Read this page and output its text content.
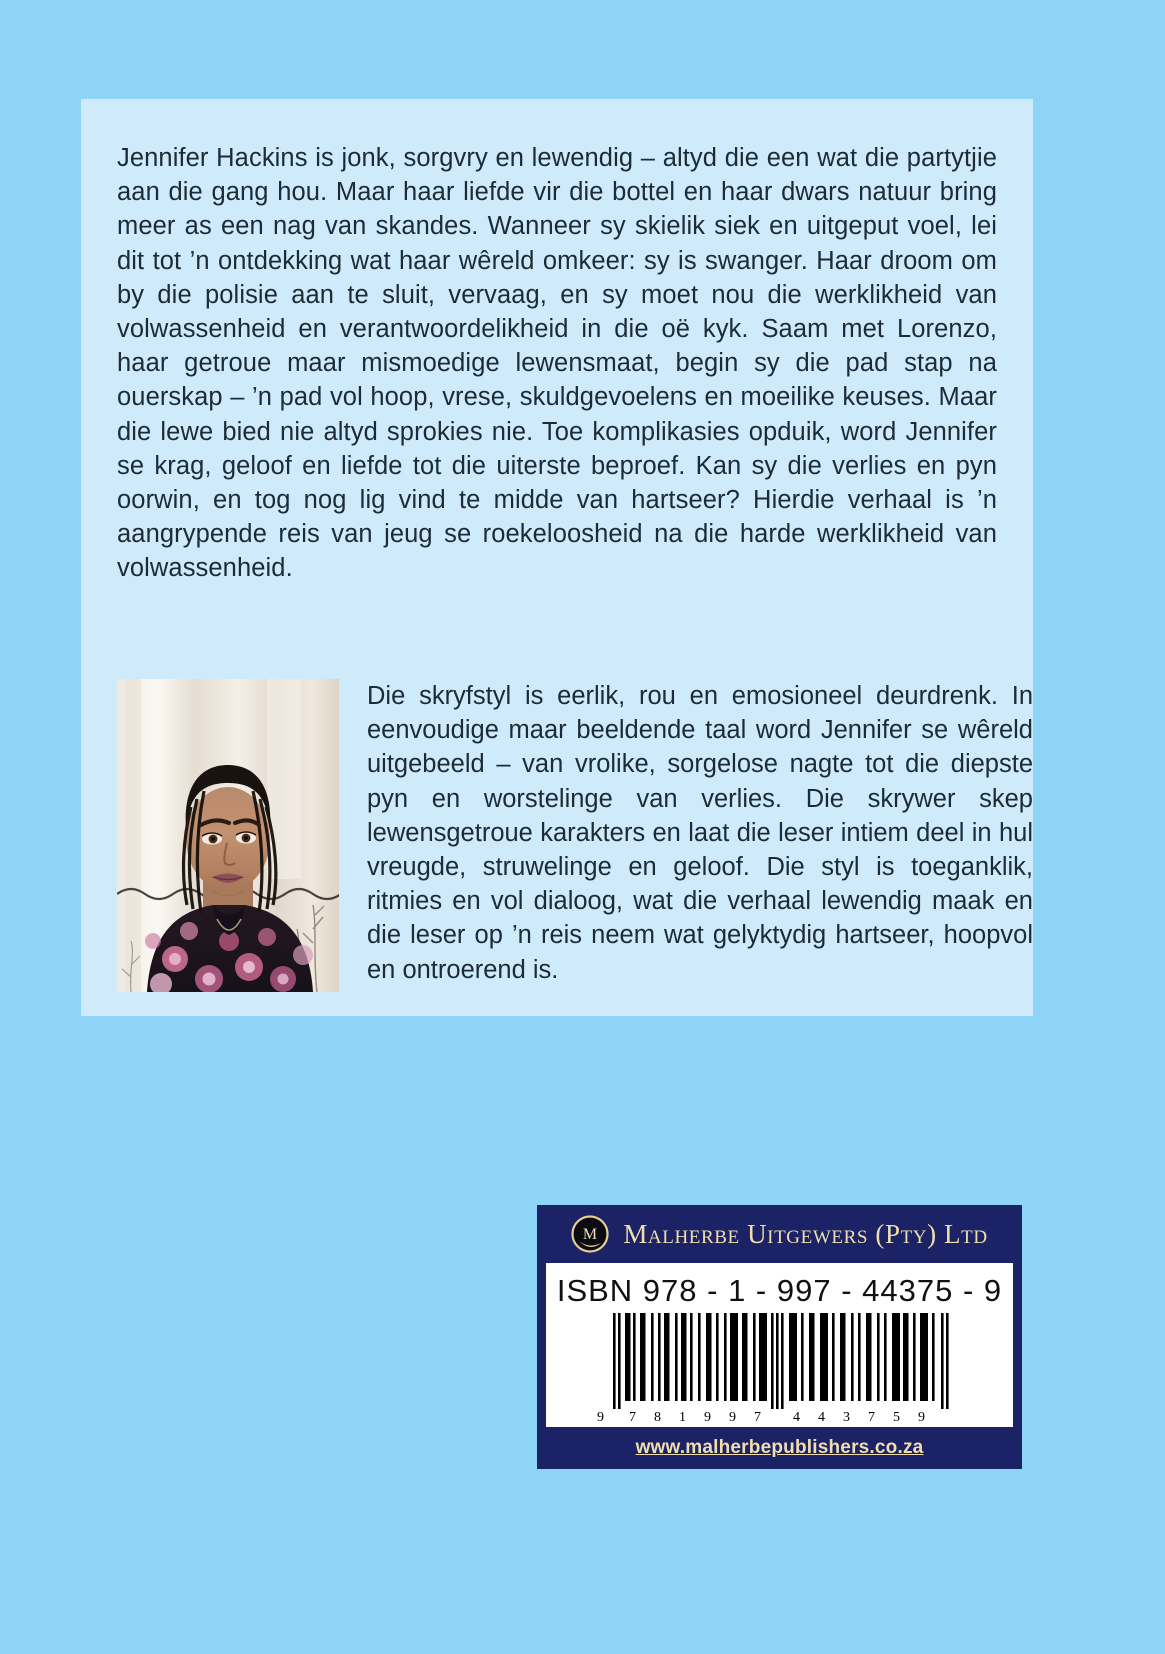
Jennifer Hackins is jonk, sorgvry en lewendig – altyd die een wat die partytjie aan die gang hou. Maar haar liefde vir die bottel en haar dwars natuur bring meer as een nag van skandes. Wanneer sy skielik siek en uitgeput voel, lei dit tot ’n ontdekking wat haar wêreld omkeer: sy is swanger. Haar droom om by die polisie aan te sluit, vervaag, en sy moet nou die werklikheid van volwassenheid en verantwoordelikheid in die oë kyk. Saam met Lorenzo, haar getroue maar mismoedige lewensmaat, begin sy die pad stap na ouerskap – ’n pad vol hoop, vrese, skuldgevoelens en moeilike keuses. Maar die lewe bied nie altyd sprokies nie. Toe komplikasies opduik, word Jennifer se krag, geloof en liefde tot die uiterste beproef. Kan sy die verlies en pyn oorwin, en tog nog lig vind te midde van hartseer? Hierdie verhaal is ’n aangrypende reis van jeug se roekeloosheid na die harde werklikheid van volwassenheid.

Die skryfstyl is eerlik, rou en emosioneel deurdrenk. In eenvoudige maar beeldende taal word Jennifer se wêreld uitgebeeld – van vrolike, sorgelose nagte tot die diepste pyn en worstelinge van verlies. Die skrywer skep lewensgetroue karakters en laat die leser intiem deel in hul vreugde, struwelinge en geloof. Die styl is toeganklik, ritmies en vol dialoog, wat die verhaal lewendig maak en die leser op ’n reis neem wat gelyktydig hartseer, hoopvol en ontroerend is.

M Malherbe Uitgewers (Pty) Ltd
ISBN 978 - 1 - 997 - 44375 - 9
9 7 8 1 9 9 7 4 4 3 7 5 9
www.malherbepublishers.co.za
